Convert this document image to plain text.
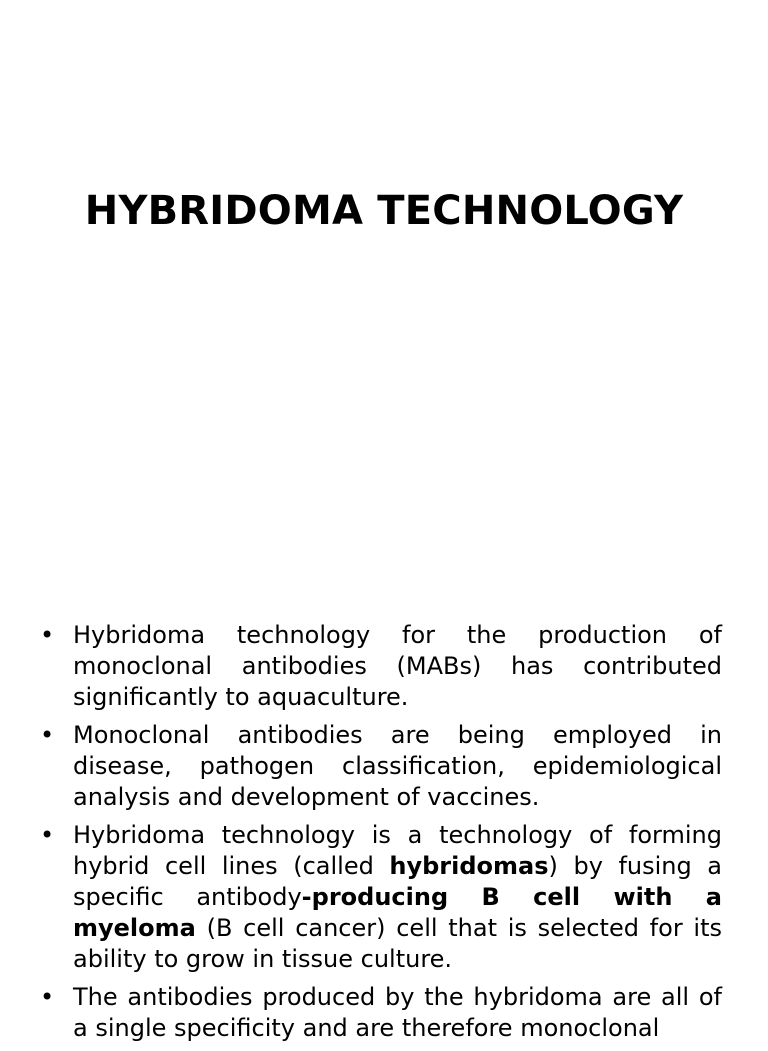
HYBRIDOMA TECHNOLOGY
• Hybridoma technology for the production of monoclonal antibodies (MABs) has contributed significantly to aquaculture.
• Monoclonal antibodies are being employed in disease, pathogen classification, epidemiological analysis and development of vaccines.
• Hybridoma technology is a technology of forming hybrid cell lines (called hybridomas) by fusing a specific antibody-producing B cell with a myeloma (B cell cancer) cell that is selected for its ability to grow in tissue culture.
• The antibodies produced by the hybridoma are all of a single specificity and are therefore monoclonal
